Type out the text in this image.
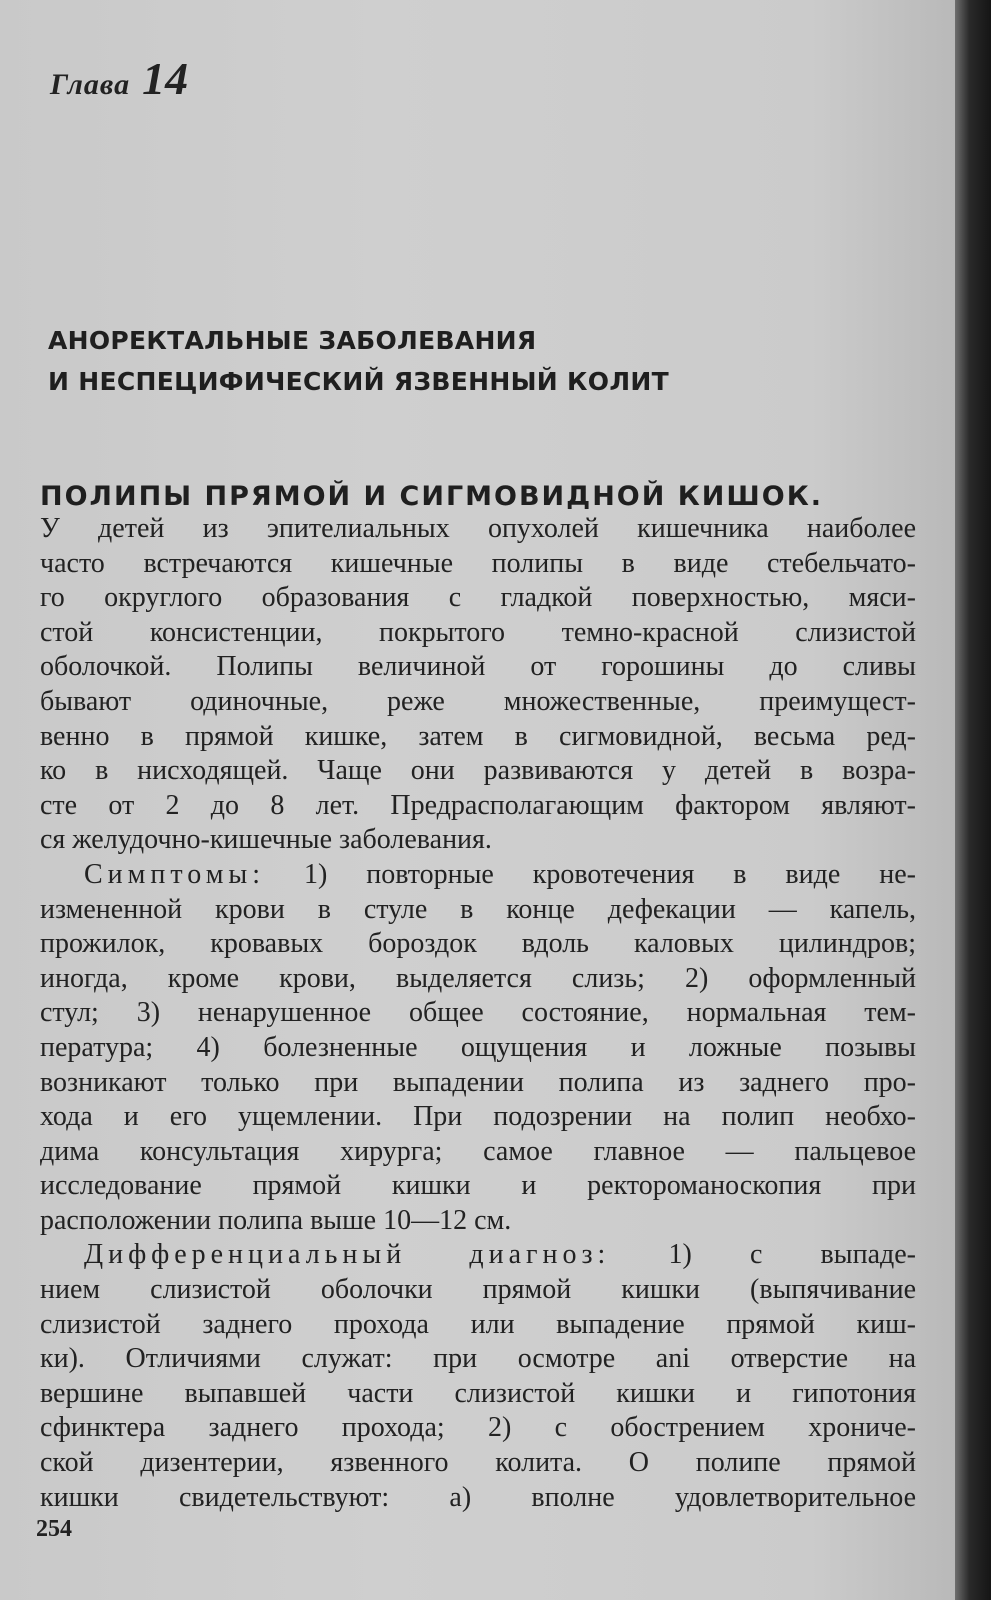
Глава 14
АНОРЕКТАЛЬНЫЕ ЗАБОЛЕВАНИЯ
И НЕСПЕЦИФИЧЕСКИЙ ЯЗВЕННЫЙ КОЛИТ
ПОЛИПЫ ПРЯМОЙ И СИГМОВИДНОЙ КИШОК.
У детей из эпителиальных опухолей кишечника наиболее
часто встречаются кишечные полипы в виде стебельчато-
го округлого образования с гладкой поверхностью, мяси-
стой консистенции, покрытого темно-красной слизистой
оболочкой. Полипы величиной от горошины до сливы
бывают одиночные, реже множественные, преимущест-
венно в прямой кишке, затем в сигмовидной, весьма ред-
ко в нисходящей. Чаще они развиваются у детей в возра-
сте от 2 до 8 лет. Предрасполагающим фактором являют-
ся желудочно-кишечные заболевания.
Симптомы: 1) повторные кровотечения в виде не-
измененной крови в стуле в конце дефекации — капель,
прожилок, кровавых бороздок вдоль каловых цилиндров;
иногда, кроме крови, выделяется слизь; 2) оформленный
стул; 3) ненарушенное общее состояние, нормальная тем-
пература; 4) болезненные ощущения и ложные позывы
возникают только при выпадении полипа из заднего про-
хода и его ущемлении. При подозрении на полип необхо-
дима консультация хирурга; самое главное — пальцевое
исследование прямой кишки и ректороманоскопия при
расположении полипа выше 10—12 см.
Дифференциальный диагноз: 1) с выпаде-
нием слизистой оболочки прямой кишки (выпячивание
слизистой заднего прохода или выпадение прямой киш-
ки). Отличиями служат: при осмотре anі отверстие на
вершине выпавшей части слизистой кишки и гипотония
сфинктера заднего прохода; 2) с обострением хрониче-
ской дизентерии, язвенного колита. О полипе прямой
кишки свидетельствуют: а) вполне удовлетворительное
254
